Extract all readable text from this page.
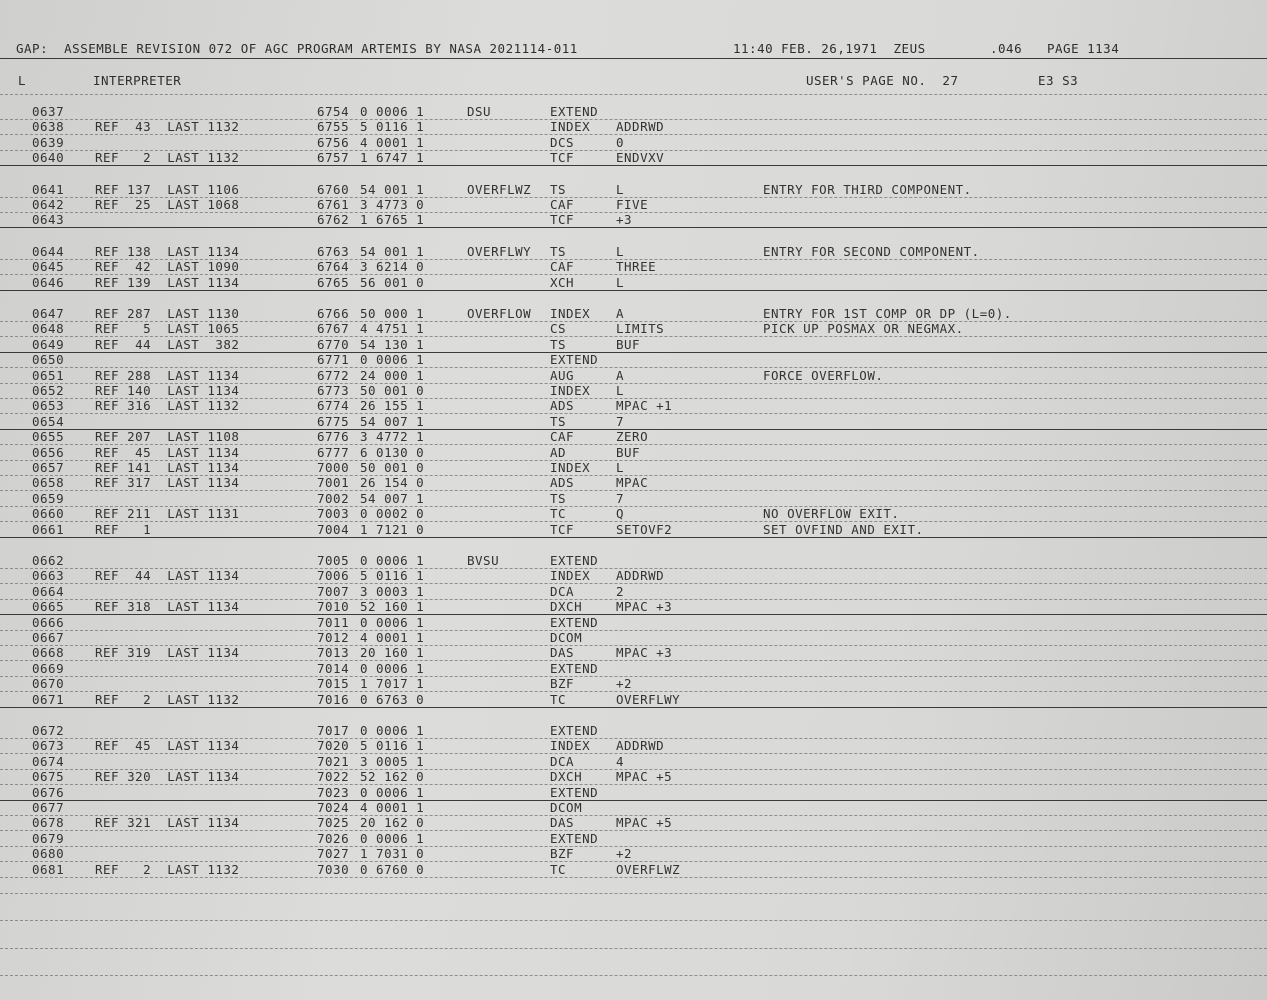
GAP:  ASSEMBLE REVISION 072 OF AGC PROGRAM ARTEMIS BY NASA 2021114-011	11:40 FEB. 26,1971  ZEUS	.046 PAGE 1134
L	INTERPRETER	USER'S PAGE NO.  27	E3 S3
0637	6754 0 0006 1	DSU	EXTEND
0638 REF  43  LAST 1132	6755 5 0116 1	INDEX ADDRWD
0639	6756 4 0001 1	DCS	0
0640 REF   2  LAST 1132	6757 1 6747 1	TCF	ENDVXV
0641 REF 137  LAST 1106	6760 54 001 1	OVERFLWZ TS	L	ENTRY FOR THIRD COMPONENT.
0642 REF  25  LAST 1068	6761 3 4773 0	CAF	FIVE
0643	6762 1 6765 1	TCF	+3
0644 REF 138  LAST 1134	6763 54 001 1	OVERFLWY TS	L	ENTRY FOR SECOND COMPONENT.
0645 REF  42  LAST 1090	6764 3 6214 0	CAF	THREE
0646 REF 139  LAST 1134	6765 56 001 0	XCH	L
0647 REF 287  LAST 1130	6766 50 000 1	OVERFLOW INDEX A	ENTRY FOR 1ST COMP OR DP (L=0).
0648 REF   5  LAST 1065	6767 4 4751 1	CS	LIMITS	PICK UP POSMAX OR NEGMAX.
0649 REF  44  LAST  382	6770 54 130 1	TS	BUF
0650	6771 0 0006 1	EXTEND
0651 REF 288  LAST 1134	6772 24 000 1	AUG	A	FORCE OVERFLOW.
0652 REF 140  LAST 1134	6773 50 001 0	INDEX L
0653 REF 316  LAST 1132	6774 26 155 1	ADS	MPAC +1
0654	6775 54 007 1	TS	7
0655 REF 207  LAST 1108	6776 3 4772 1	CAF	ZERO
0656 REF  45  LAST 1134	6777 6 0130 0	AD	BUF
0657 REF 141  LAST 1134	7000 50 001 0	INDEX L
0658 REF 317  LAST 1134	7001 26 154 0	ADS	MPAC
0659	7002 54 007 1	TS	7
0660 REF 211  LAST 1131	7003 0 0002 0	TC	Q	NO OVERFLOW EXIT.
0661 REF   1	7004 1 7121 0	TCF	SETOVF2	SET OVFIND AND EXIT.
0662	7005 0 0006 1	BVSU	EXTEND
0663 REF  44  LAST 1134	7006 5 0116 1	INDEX ADDRWD
0664	7007 3 0003 1	DCA	2
0665 REF 318  LAST 1134	7010 52 160 1	DXCH	MPAC +3
0666	7011 0 0006 1	EXTEND
0667	7012 4 0001 1	DCOM
0668 REF 319  LAST 1134	7013 20 160 1	DAS	MPAC +3
0669	7014 0 0006 1	EXTEND
0670	7015 1 7017 1	BZF	+2
0671 REF   2  LAST 1132	7016 0 6763 0	TC	OVERFLWY
0672	7017 0 0006 1	EXTEND
0673 REF  45  LAST 1134	7020 5 0116 1	INDEX ADDRWD
0674	7021 3 0005 1	DCA	4
0675 REF 320  LAST 1134	7022 52 162 0	DXCH	MPAC +5
0676	7023 0 0006 1	EXTEND
0677	7024 4 0001 1	DCOM
0678 REF 321  LAST 1134	7025 20 162 0	DAS	MPAC +5
0679	7026 0 0006 1	EXTEND
0680	7027 1 7031 0	BZF	+2
0681 REF   2  LAST 1132	7030 0 6760 0	TC	OVERFLWZ
